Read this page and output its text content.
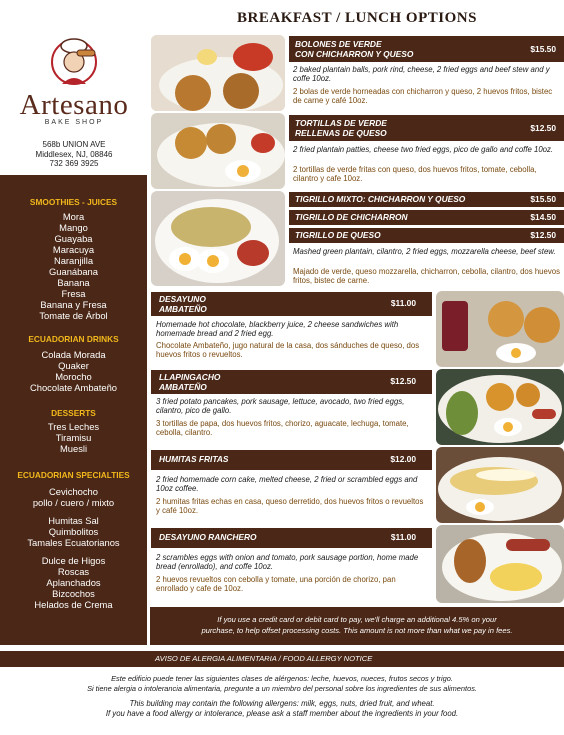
Artesano
BAKE SHOP
568b UNION AVE
Middlesex, NJ, 08846
732 369 3925
SMOOTHIES - JUICES
Mora
Mango
Guayaba
Maracuya
Naranjilla
Guanábana
Banana
Fresa
Banana y Fresa
Tomate de Árbol
ECUADORIAN DRINKS
Colada Morada
Quaker
Morocho
Chocolate Ambateño
DESSERTS
Tres Leches
Tiramisu
Muesli
ECUADORIAN SPECIALTIES
Cevichocho
pollo / cuero / mixto
Humitas Sal
Quimbolitos
Tamales Ecuatorianos
Dulce de Higos
Roscas
Aplanchados
Bizcochos
Helados de Crema
BREAKFAST / LUNCH OPTIONS
BOLONES DE VERDE
CON CHICHARRON Y QUESO	$15.50
2 baked plantain balls, pork rind, cheese, 2 fried eggs and beef stew and y coffe 10oz.
2 bolas de verde horneadas con chicharron y queso, 2 huevos fritos, bistec de carne y café 10oz.
TORTILLAS DE VERDE
RELLENAS DE QUESO	$12.50
2 fried plantain patties, cheese two fried eggs, pico de gallo and coffe 10oz.
2 tortillas de verde fritas con queso, dos huevos fritos, tomate, cebolla, cilantro y cafe 10oz.
TIGRILLO MIXTO: CHICHARRON Y QUESO	$15.50
TIGRILLO DE CHICHARRON	$14.50
TIGRILLO DE QUESO	$12.50
Mashed green plantain, cilantro, 2 fried eggs, mozzarella cheese, beef stew.
Majado de verde, queso mozzarella, chicharron, cebolla, cilantro, dos huevos fritos, bistec de carne.
DESAYUNO
AMBATEÑO
$11.00
Homemade hot chocolate, blackberry juice, 2 cheese sandwiches with homemade bread and 2 fried egg.
Chocolate Ambateño, jugo natural de la casa, dos sánduches de queso, dos huevos fritos o revueltos.
LLAPINGACHO
AMBATEÑO
$12.50
3 fried potato pancakes, pork sausage, lettuce, avocado, two fried eggs, cilantro, pico de gallo.
3 tortillas de papa, dos huevos fritos, chorizo, aguacate, lechuga, tomate, cebolla, cilantro.
HUMITAS FRITAS	$12.00
2 fried homemade corn cake, melted cheese, 2 fried or scrambled eggs and 10oz coffee.
2 humitas fritas echas en casa, queso derretido, dos huevos fritos o revueltos y café 10oz.
DESAYUNO RANCHERO	$11.00
2 scrambles eggs with onion and tomato, pork sausage portion, home made bread (enrollado), and coffe 10oz.
2 huevos revueltos con cebolla y tomate, una porción de chorizo, pan enrollado y cafe de 10oz.
If you use a credit card or debit card to pay, we'll charge an additional 4.5% on your
purchase, to help offset processing costs. This amount is not more than what we pay in fees.
AVISO DE ALERGIA ALIMENTARIA / FOOD ALLERGY NOTICE
Este edificio puede tener las siguientes clases de alérgenos: leche, huevos, nueces, frutos secos y trigo.
Si tiene alergia o intolerancia alimentaria, pregunte a un miembro del personal sobre los ingredientes de sus alimentos.
This building may contain the following allergens: milk, eggs, nuts, dried fruit, and wheat.
If you have a food allergy or intolerance, please ask a staff member about the ingredients in your food.
